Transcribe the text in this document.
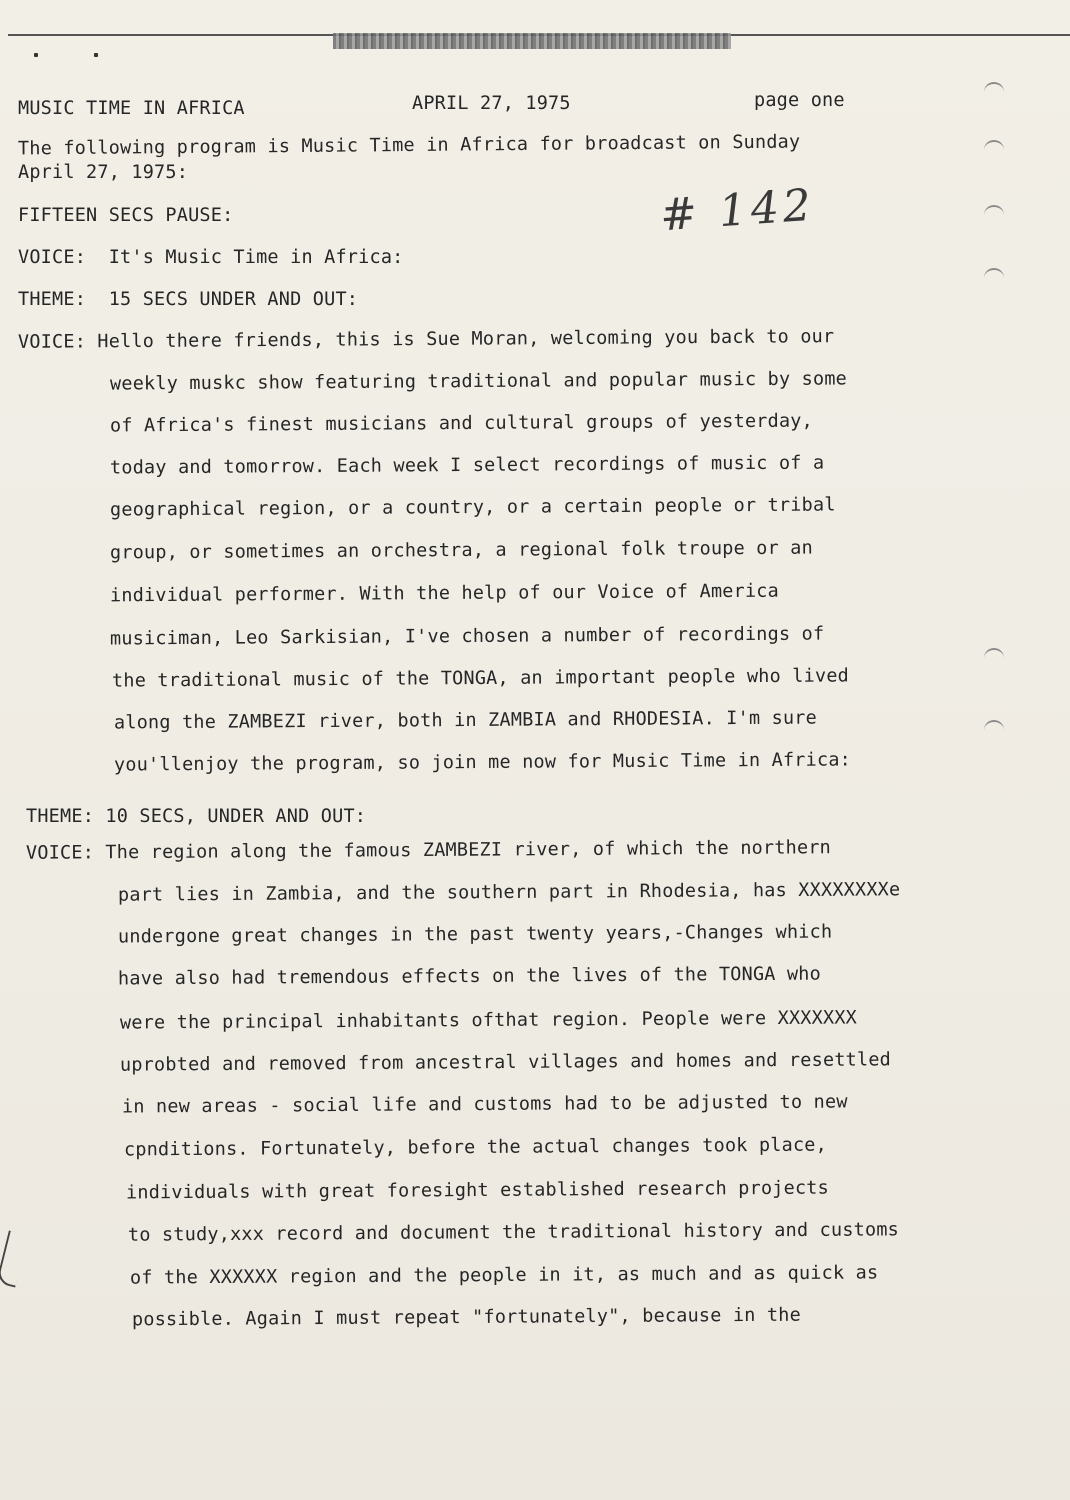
MUSIC TIME IN AFRICA	APRIL 27, 1975	page one
# 142
The following program is Music Time in Africa for broadcast on Sunday
April 27, 1975:
FIFTEEN SECS PAUSE:
VOICE:  It's Music Time in Africa:
THEME:  15 SECS UNDER AND OUT:
VOICE: Hello there friends, this is Sue Moran, welcoming you back to our
weekly muskc show featuring traditional and popular music by some
of Africa's finest musicians and cultural groups of yesterday,
today and tomorrow. Each week I select recordings of music of a
geographical region, or a country, or a certain people or tribal
group, or sometimes an orchestra, a regional folk troupe or an
individual performer. With the help of our Voice of America
musiciman, Leo Sarkisian, I've chosen a number of recordings of
the traditional music of the TONGA, an important people who lived
along the ZAMBEZI river, both in ZAMBIA and RHODESIA. I'm sure
you'llenjoy the program, so join me now for Music Time in Africa:
THEME: 10 SECS, UNDER AND OUT:
VOICE: The region along the famous ZAMBEZI river, of which the northern
part lies in Zambia, and the southern part in Rhodesia, has XXXXXXXXe
undergone great changes in the past twenty years,-Changes which
have also had tremendous effects on the lives of the TONGA who
were the principal inhabitants ofthat region. People were XXXXXXX
uprobted and removed from ancestral villages and homes and resettled
in new areas - social life and customs had to be adjusted to new
cpnditions. Fortunately, before the actual changes took place,
individuals with great foresight established research projects
to study,xxx record and document the traditional history and customs
of the XXXXXX region and the people in it, as much and as quick as
possible. Again I must repeat "fortunately", because in the
